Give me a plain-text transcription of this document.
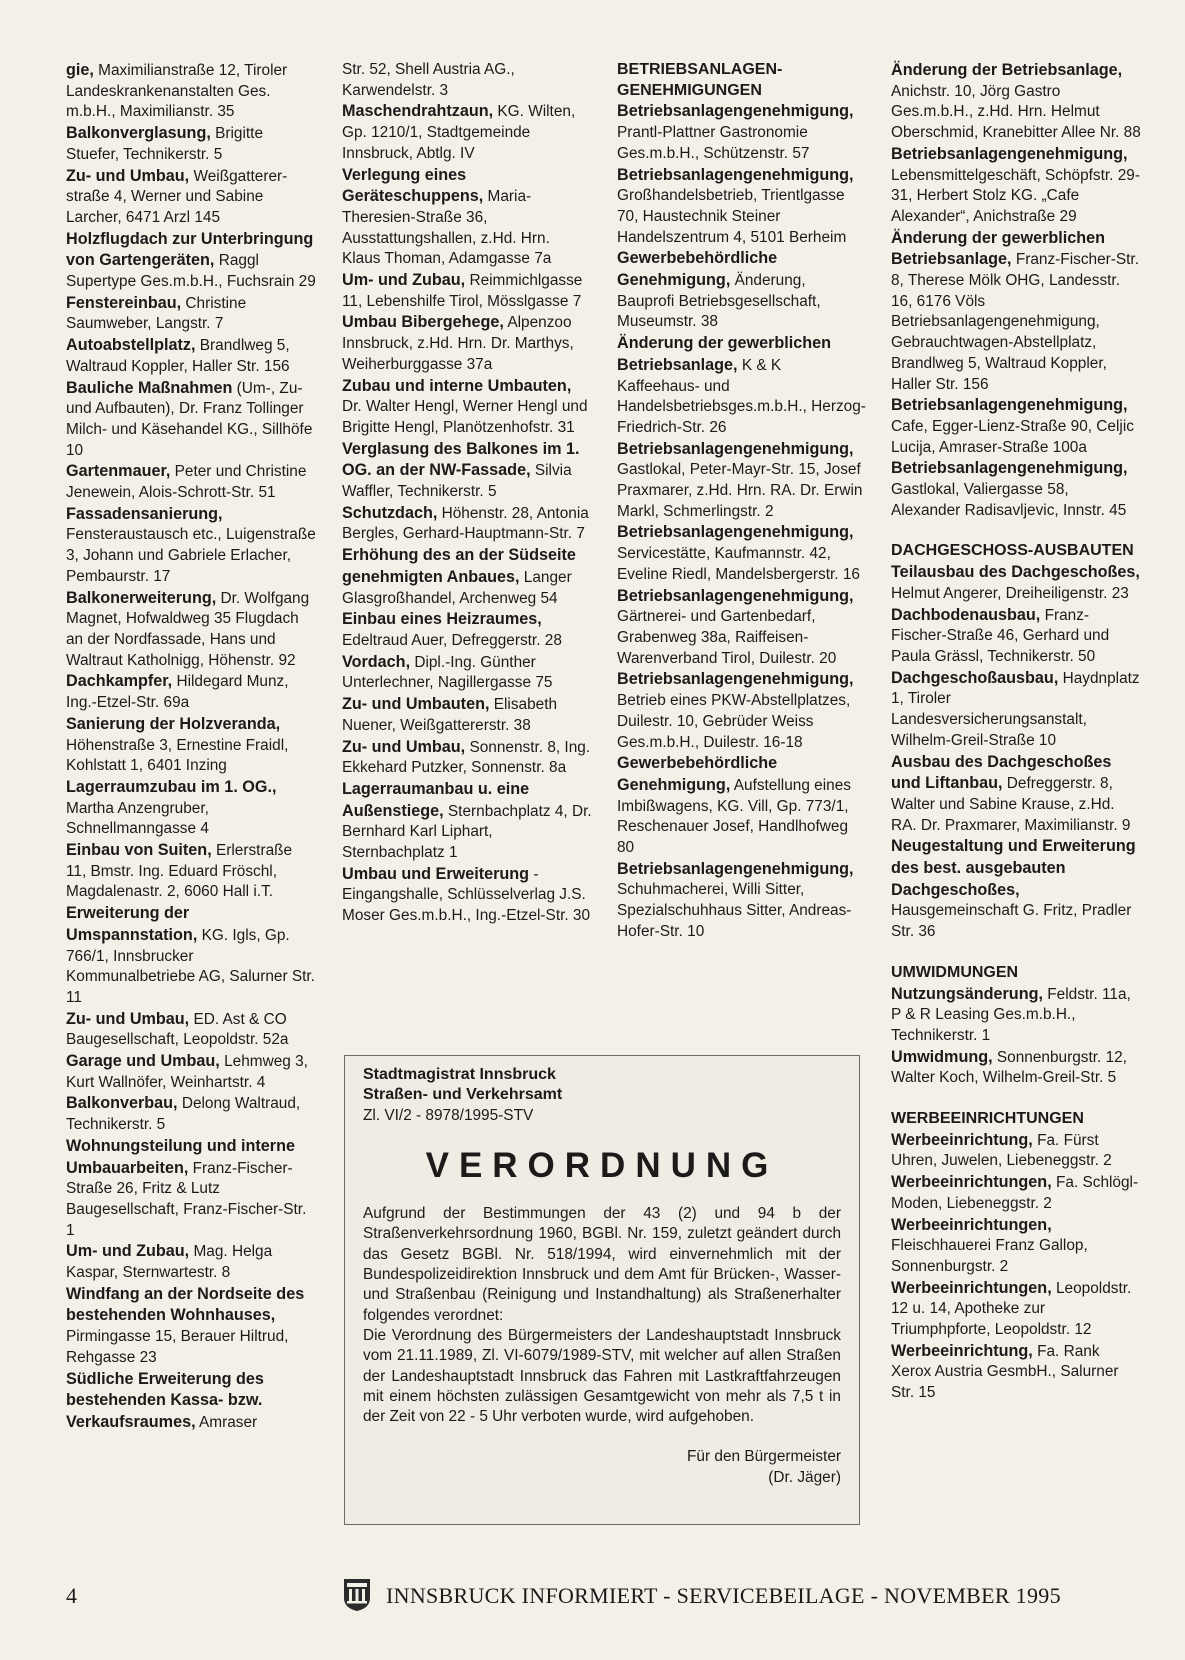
gie, Maximilianstraße 12, Tiroler Landeskrankenanstalten Ges. m.b.H., Maximilianstr. 35

Balkonverglasung, Brigitte Stuefer, Technikerstr. 5

Zu- und Umbau, Weißgattererstraße 4, Werner und Sabine Larcher, 6471 Arzl 145

Holzflugdach zur Unterbringung von Gartengeräten, Raggl Supertype Ges.m.b.H., Fuchsrain 29

Fenstereinbau, Christine Saumweber, Langstr. 7

Autoabstellplatz, Brandlweg 5, Waltraud Koppler, Haller Str. 156

Bauliche Maßnahmen (Um-, Zu- und Aufbauten), Dr. Franz Tollinger Milch- und Käsehandel KG., Sillhöfe 10

Gartenmauer, Peter und Christine Jenewein, Alois-Schrott-Str. 51

Fassadensanierung, Fensteraustausch etc., Luigenstraße 3, Johann und Gabriele Erlacher, Pembaurstr. 17

Balkonerweiterung, Dr. Wolfgang Magnet, Hofwaldweg 35 Flugdach an der Nordfassade, Hans und Waltraut Katholnigg, Höhenstr. 92

Dachkampfer, Hildegard Munz, Ing.-Etzel-Str. 69a

Sanierung der Holzveranda, Höhenstraße 3, Ernestine Fraidl, Kohlstatt 1, 6401 Inzing

Lagerraumzubau im 1. OG., Martha Anzengruber, Schnellmanngasse 4

Einbau von Suiten, Erlerstraße 11, Bmstr. Ing. Eduard Fröschl, Magdalenastr. 2, 6060 Hall i.T.

Erweiterung der Umspannstation, KG. Igls, Gp. 766/1, Innsbrucker Kommunalbetriebe AG, Salurner Str. 11

Zu- und Umbau, ED. Ast & CO Baugesellschaft, Leopoldstr. 52a

Garage und Umbau, Lehmweg 3, Kurt Wallnöfer, Weinhartstr. 4

Balkonverbau, Delong Waltraud, Technikerstr. 5

Wohnungsteilung und interne Umbauarbeiten, Franz-Fischer-Straße 26, Fritz & Lutz Baugesellschaft, Franz-Fischer-Str. 1

Um- und Zubau, Mag. Helga Kaspar, Sternwartestr. 8

Windfang an der Nordseite des bestehenden Wohnhauses, Pirmingasse 15, Berauer Hiltrud, Rehgasse 23

Südliche Erweiterung des bestehenden Kassa- bzw. Verkaufsraumes, Amraser

Str. 52, Shell Austria AG., Karwendelstr. 3

Maschendrahtzaun, KG. Wilten, Gp. 1210/1, Stadtgemeinde Innsbruck, Abtlg. IV

Verlegung eines Geräteschuppens, Maria-Theresien-Straße 36, Ausstattungshallen, z.Hd. Hrn. Klaus Thoman, Adamgasse 7a

Um- und Zubau, Reimmichlgasse 11, Lebenshilfe Tirol, Mösslgasse 7

Umbau Bibergehege, Alpenzoo Innsbruck, z.Hd. Hrn. Dr. Marthys, Weiherburggasse 37a

Zubau und interne Umbauten, Dr. Walter Hengl, Werner Hengl und Brigitte Hengl, Planötzenhofstr. 31

Verglasung des Balkones im 1. OG. an der NW-Fassade, Silvia Waffler, Technikerstr. 5

Schutzdach, Höhenstr. 28, Antonia Bergles, Gerhard-Hauptmann-Str. 7

Erhöhung des an der Südseite genehmigten Anbaues, Langer Glasgroßhandel, Archenweg 54

Einbau eines Heizraumes, Edeltraud Auer, Defreggerstr. 28

Vordach, Dipl.-Ing. Günther Unterlechner, Nagillergasse 75

Zu- und Umbauten, Elisabeth Nuener, Weißgattererstr. 38

Zu- und Umbau, Sonnenstr. 8, Ing. Ekkehard Putzker, Sonnenstr. 8a

Lagerraumanbau u. eine Außenstiege, Sternbachplatz 4, Dr. Bernhard Karl Liphart, Sternbachplatz 1

Umbau und Erweiterung - Eingangshalle, Schlüsselverlag J.S. Moser Ges.m.b.H., Ing.-Etzel-Str. 30

BETRIEBSANLAGEN-GENEHMIGUNGEN

Betriebsanlagengenehmigung, Prantl-Plattner Gastronomie Ges.m.b.H., Schützenstr. 57

Betriebsanlagengenehmigung, Großhandelsbetrieb, Trientlgasse 70, Haustechnik Steiner Handelszentrum 4, 5101 Berheim

Gewerbebehördliche Genehmigung, Änderung, Bauprofi Betriebsgesellschaft, Museumstr. 38

Änderung der gewerblichen Betriebsanlage, K & K Kaffeehaus- und Handelsbetriebsges.m.b.H., Herzog-Friedrich-Str. 26

Betriebsanlagengenehmigung, Gastlokal, Peter-Mayr-Str. 15, Josef Praxmarer, z.Hd. Hrn. RA. Dr. Erwin Markl, Schmerlingstr. 2

Betriebsanlagengenehmigung, Servicestätte, Kaufmannstr. 42, Eveline Riedl, Mandelsbergerstr. 16

Betriebsanlagengenehmigung, Gärtnerei- und Gartenbedarf, Grabenweg 38a, Raiffeisen-Warenverband Tirol, Duilestr. 20

Betriebsanlagengenehmigung, Betrieb eines PKW-Abstellplatzes, Duilestr. 10, Gebrüder Weiss Ges.m.b.H., Duilestr. 16-18

Gewerbebehördliche Genehmigung, Aufstellung eines Imbißwagens, KG. Vill, Gp. 773/1, Reschenauer Josef, Handlhofweg 80

Betriebsanlagengenehmigung, Schuhmacherei, Willi Sitter, Spezialschuhhaus Sitter, Andreas-Hofer-Str. 10

Änderung der Betriebsanlage, Anichstr. 10, Jörg Gastro Ges.m.b.H., z.Hd. Hrn. Helmut Oberschmid, Kranebitter Allee Nr. 88

Betriebsanlagengenehmigung, Lebensmittelgeschäft, Schöpfstr. 29-31, Herbert Stolz KG. „Cafe Alexander“, Anichstraße 29

Änderung der gewerblichen Betriebsanlage, Franz-Fischer-Str. 8, Therese Mölk OHG, Landesstr. 16, 6176 Völs Betriebsanlagengenehmigung, Gebrauchtwagen-Abstellplatz, Brandlweg 5, Waltraud Koppler, Haller Str. 156

Betriebsanlagengenehmigung, Cafe, Egger-Lienz-Straße 90, Celjic Lucija, Amraser-Straße 100a

Betriebsanlagengenehmigung, Gastlokal, Valiergasse 58, Alexander Radisavljevic, Innstr. 45

DACHGESCHOSS-AUSBAUTEN

Teilausbau des Dachgeschoßes, Helmut Angerer, Dreiheiligenstr. 23

Dachbodenausbau, Franz-Fischer-Straße 46, Gerhard und Paula Grässl, Technikerstr. 50

Dachgeschoßausbau, Haydnplatz 1, Tiroler Landesversicherungsanstalt, Wilhelm-Greil-Straße 10

Ausbau des Dachgeschoßes und Liftanbau, Defreggerstr. 8, Walter und Sabine Krause, z.Hd. RA. Dr. Praxmarer, Maximilianstr. 9

Neugestaltung und Erweiterung des best. ausgebauten Dachgeschoßes, Hausgemeinschaft G. Fritz, Pradler Str. 36

UMWIDMUNGEN

Nutzungsänderung, Feldstr. 11a, P & R Leasing Ges.m.b.H., Technikerstr. 1

Umwidmung, Sonnenburgstr. 12, Walter Koch, Wilhelm-Greil-Str. 5

WERBEEINRICHTUNGEN

Werbeeinrichtung, Fa. Fürst Uhren, Juwelen, Liebeneggstr. 2

Werbeeinrichtungen, Fa. Schlögl-Moden, Liebeneggstr. 2

Werbeeinrichtungen, Fleischhauerei Franz Gallop, Sonnenburgstr. 2

Werbeeinrichtungen, Leopoldstr. 12 u. 14, Apotheke zur Triumphpforte, Leopoldstr. 12

Werbeeinrichtung, Fa. Rank Xerox Austria GesmbH., Salurner Str. 15

Stadtmagistrat Innsbruck
Straßen- und Verkehrsamt
Zl. VI/2 - 8978/1995-STV
VERORDNUNG
Aufgrund der Bestimmungen der 43 (2) und 94 b der Straßenverkehrsordnung 1960, BGBl. Nr. 159, zuletzt geändert durch das Gesetz BGBl. Nr. 518/1994, wird einvernehmlich mit der Bundespolizeidirektion Innsbruck und dem Amt für Brücken-, Wasser- und Straßenbau (Reinigung und Instandhaltung) als Straßenerhalter folgendes verordnet:
Die Verordnung des Bürgermeisters der Landeshauptstadt Innsbruck vom 21.11.1989, Zl. VI-6079/1989-STV, mit welcher auf allen Straßen der Landeshauptstadt Innsbruck das Fahren mit Lastkraftfahrzeugen mit einem höchsten zulässigen Gesamtgewicht von mehr als 7,5 t in der Zeit von 22 - 5 Uhr verboten wurde, wird aufgehoben.
Für den Bürgermeister
(Dr. Jäger)
4	INNSBRUCK INFORMIERT - SERVICEBEILAGE - NOVEMBER 1995
